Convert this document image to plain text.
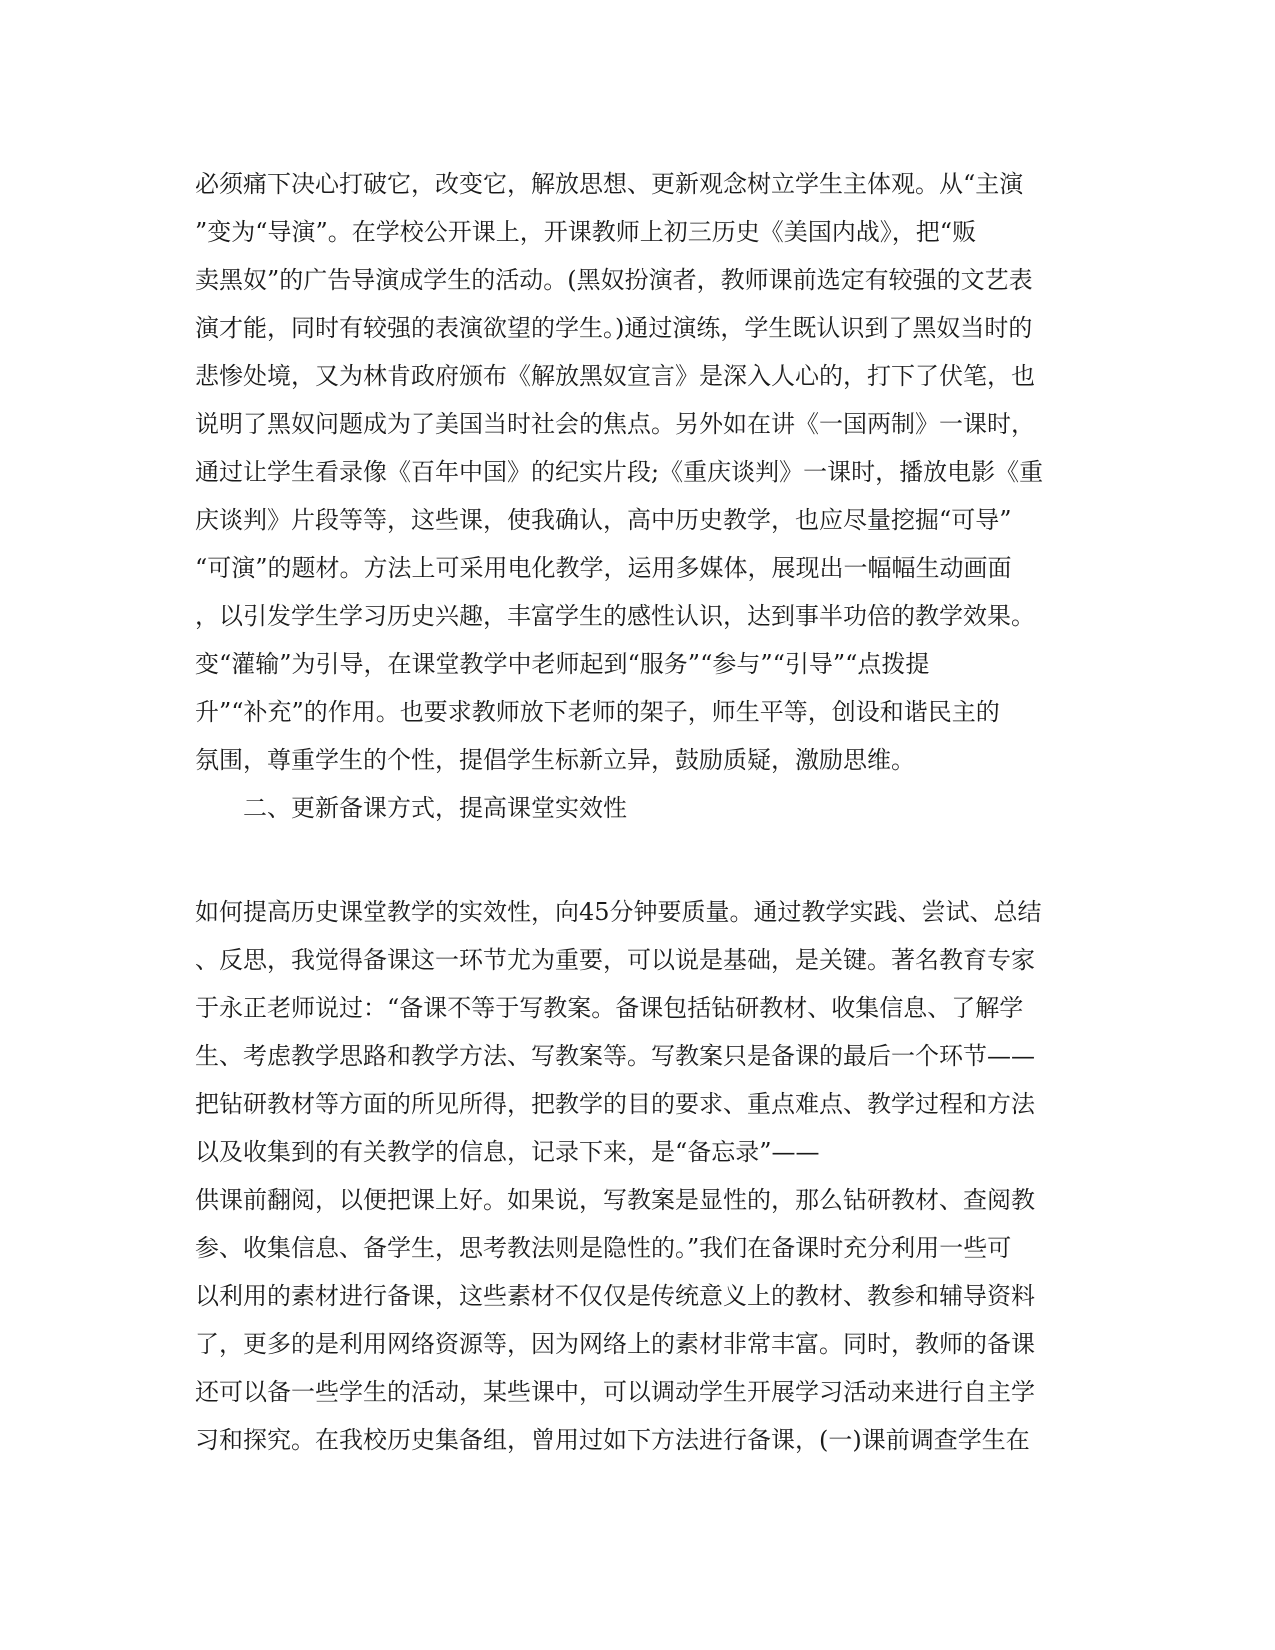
必须痛下决心打破它，改变它，解放思想、更新观念树立学生主体观。从“主演
”变为“导演”。在学校公开课上，开课教师上初三历史《美国内战》，把“贩
卖黑奴”的广告导演成学生的活动。(黑奴扮演者，教师课前选定有较强的文艺表
演才能，同时有较强的表演欲望的学生。)通过演练，学生既认识到了黑奴当时的
悲惨处境，又为林肯政府颁布《解放黑奴宣言》是深入人心的，打下了伏笔，也
说明了黑奴问题成为了美国当时社会的焦点。另外如在讲《一国两制》一课时，
通过让学生看录像《百年中国》的纪实片段;《重庆谈判》一课时，播放电影《重
庆谈判》片段等等，这些课，使我确认，高中历史教学，也应尽量挖掘“可导”
“可演”的题材。方法上可采用电化教学，运用多媒体，展现出一幅幅生动画面
，以引发学生学习历史兴趣，丰富学生的感性认识，达到事半功倍的教学效果。
变“灌输”为引导，在课堂教学中老师起到“服务”“参与”“引导”“点拨提
升”“补充”的作用。也要求教师放下老师的架子，师生平等，创设和谐民主的
氛围，尊重学生的个性，提倡学生标新立异，鼓励质疑，激励思维。
二、更新备课方式，提高课堂实效性
如何提高历史课堂教学的实效性，向45分钟要质量。通过教学实践、尝试、总结
、反思，我觉得备课这一环节尤为重要，可以说是基础，是关键。著名教育专家
于永正老师说过：“备课不等于写教案。备课包括钻研教材、收集信息、了解学
生、考虑教学思路和教学方法、写教案等。写教案只是备课的最后一个环节——
把钻研教材等方面的所见所得，把教学的目的要求、重点难点、教学过程和方法
以及收集到的有关教学的信息，记录下来，是“备忘录”——
供课前翻阅，以便把课上好。如果说，写教案是显性的，那么钻研教材、查阅教
参、收集信息、备学生，思考教法则是隐性的。”我们在备课时充分利用一些可
以利用的素材进行备课，这些素材不仅仅是传统意义上的教材、教参和辅导资料
了，更多的是利用网络资源等，因为网络上的素材非常丰富。同时，教师的备课
还可以备一些学生的活动，某些课中，可以调动学生开展学习活动来进行自主学
习和探究。在我校历史集备组，曾用过如下方法进行备课，(一)课前调查学生在
